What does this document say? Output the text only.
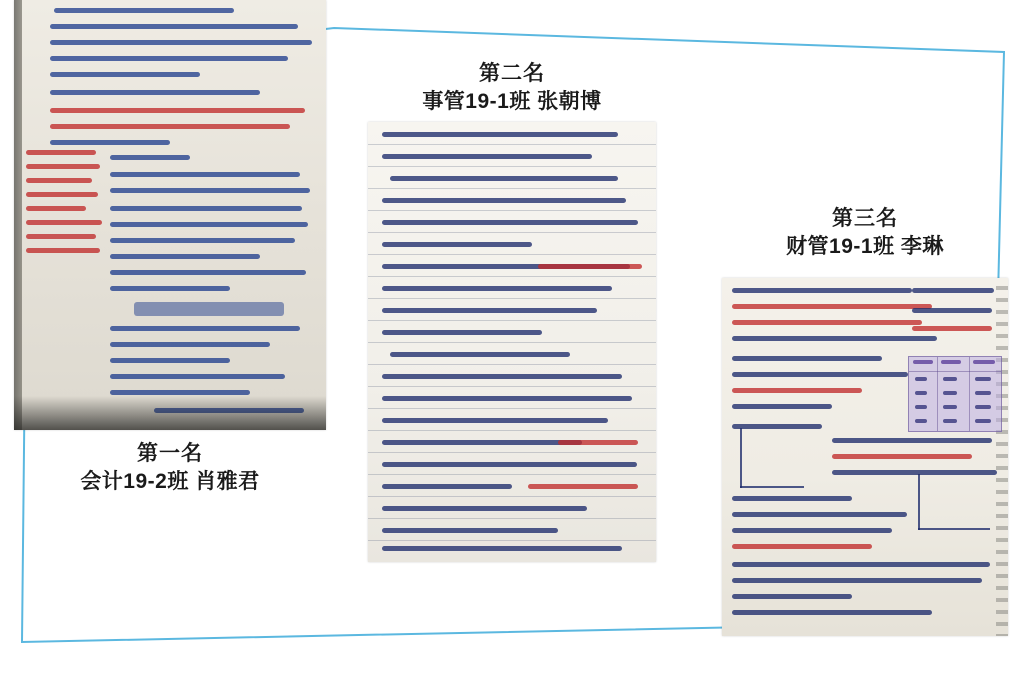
第一名
会计19-2班 肖雅君
第二名
事管19-1班 张朝博
第三名
财管19-1班 李琳
